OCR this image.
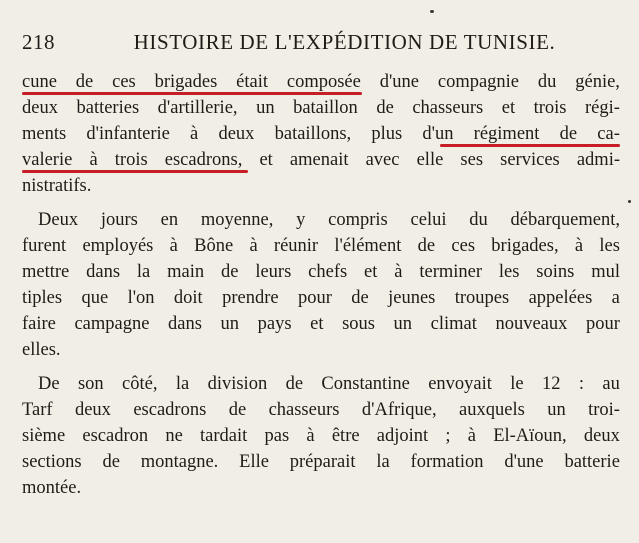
218	HISTOIRE DE L'EXPÉDITION DE TUNISIE.
cune de ces brigades était composée d'une compagnie du génie,
deux batteries d'artillerie, un bataillon de chasseurs et trois régi-
ments d'infanterie à deux bataillons, plus d'un régiment de ca-
valerie à trois escadrons, et amenait avec elle ses services admi-
nistratifs.
Deux jours en moyenne, y compris celui du débarquement,
furent employés à Bône à réunir l'élément de ces brigades, à les
mettre dans la main de leurs chefs et à terminer les soins mul
tiples que l'on doit prendre pour de jeunes troupes appelées a
faire campagne dans un pays et sous un climat nouveaux pour
elles.
De son côté, la division de Constantine envoyait le 12 : au
Tarf deux escadrons de chasseurs d'Afrique, auxquels un troi-
sième escadron ne tardait pas à être adjoint ; à El-Aïoun, deux
sections de montagne. Elle préparait la formation d'une batterie
montée.
